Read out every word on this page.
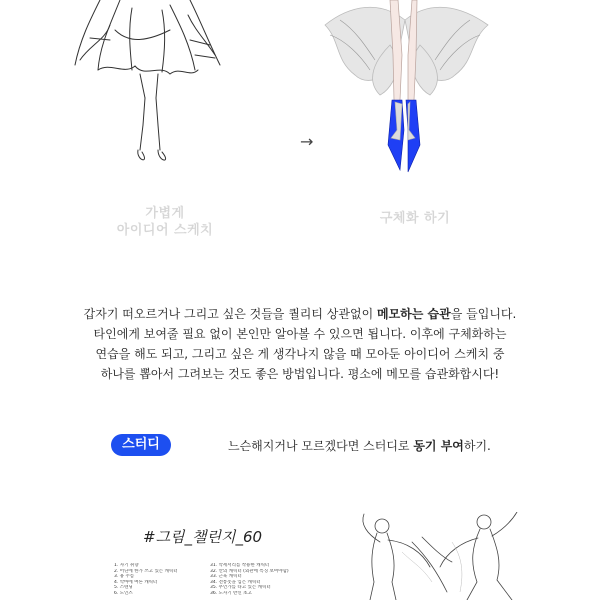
→
가볍게
아이디어 스케치
구체화 하기
갑자기 떠오르거나 그리고 싶은 것들을 퀄리티 상관없이 메모하는 습관을 들입니다.
타인에게 보여줄 필요 없이 본인만 알아볼 수 있으면 됩니다. 이후에 구체화하는
연습을 해도 되고, 그리고 싶은 게 생각나지 않을 때 모아둔 아이디어 스케치 중
하나를 뽑아서 그려보는 것도 좋은 방법입니다. 평소에 메모를 습관화합시다!
스터디	느슨해지거나 모르겠다면 스터디로 동기 부여하기.
#그림_챌린지_60
1. 자기 취향
2. 어딘에 한가 쓰고 있는 캐릭터
3. 용 주름
4. 악마에 여른 캐릭터
5. 스텐딩
6. 도인즈
31. 악세서리를 착용한 캐릭터
32. 안의 캐릭터 (외관에 특징 보여야함)
33. 근육 캐릭터
34. 전통옷을 입은 캐릭터
35. 무언가를 타고 있는 캐릭터
36. 도자기 반신 초고
